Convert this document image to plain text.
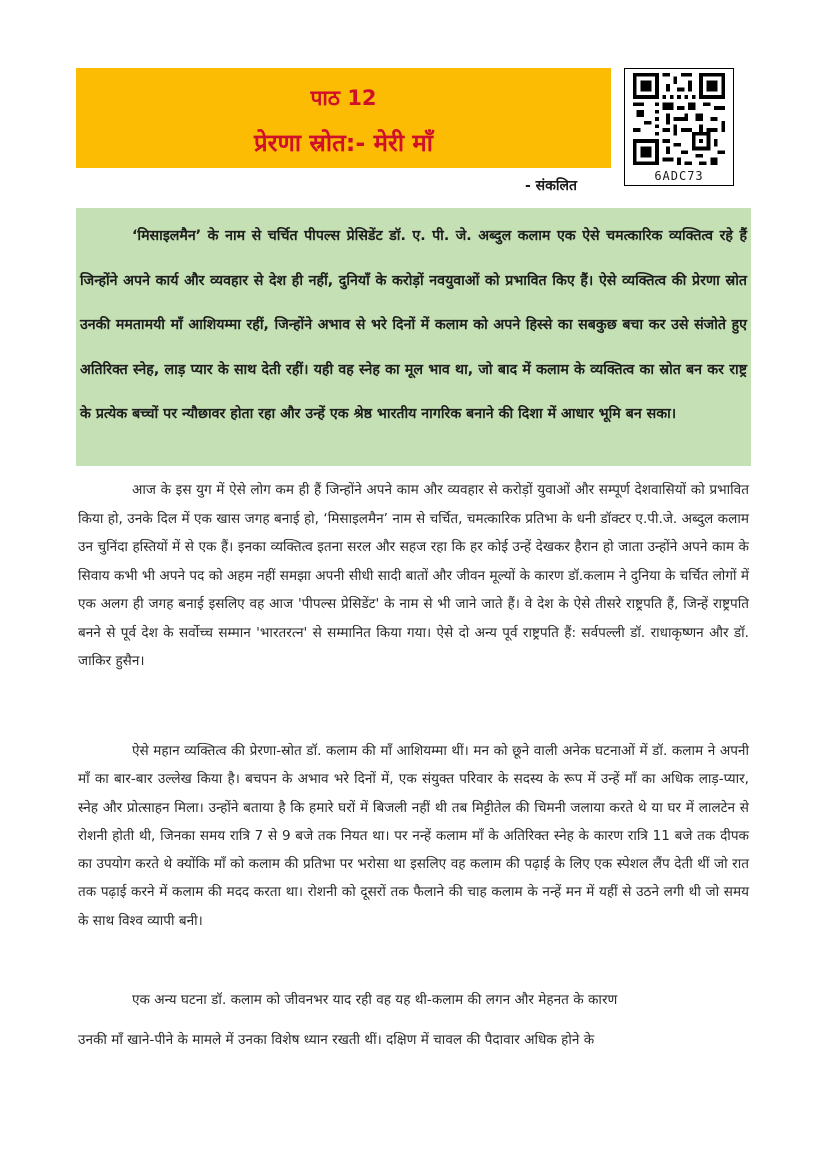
पाठ 12
प्रेरणा स्रोत:- मेरी माँ
6ADC73
- संकलित

‘मिसाइलमैन’ के नाम से चर्चित पीपल्स प्रेसिडेंट डॉ. ए. पी. जे. अब्दुल कलाम एक ऐसे चमत्कारिक व्यक्तित्व रहे हैं जिन्होंने अपने कार्य और व्यवहार से देश ही नहीं, दुनियाँ के करोड़ों नवयुवाओं को प्रभावित किए हैं। ऐसे व्यक्तित्व की प्रेरणा स्रोत उनकी ममतामयी माँ आशियम्मा रहीं, जिन्होंने अभाव से भरे दिनों में कलाम को अपने हिस्से का सबकुछ बचा कर उसे संजोते हुए अतिरिक्त स्नेह, लाड़ प्यार के साथ देती रहीं। यही वह स्नेह का मूल भाव था, जो बाद में कलाम के व्यक्तित्व का स्रोत बन कर राष्ट्र के प्रत्येक बच्चों पर न्यौछावर होता रहा और उन्हें एक श्रेष्ठ भारतीय नागरिक बनाने की दिशा में आधार भूमि बन सका।

आज के इस युग में ऐसे लोग कम ही हैं जिन्होंने अपने काम और व्यवहार से करोड़ों युवाओं और सम्पूर्ण देशवासियों को प्रभावित किया हो, उनके दिल में एक खास जगह बनाई हो, ‘मिसाइलमैन’ नाम से चर्चित, चमत्कारिक प्रतिभा के धनी डॉक्टर ए.पी.जे. अब्दुल कलाम उन चुनिंदा हस्तियों में से एक हैं। इनका व्यक्तित्व इतना सरल और सहज रहा कि हर कोई उन्हें देखकर हैरान हो जाता उन्होंने अपने काम के सिवाय कभी भी अपने पद को अहम नहीं समझा अपनी सीधी सादी बातों और जीवन मूल्यों के कारण डॉ.कलाम ने दुनिया के चर्चित लोगों में एक अलग ही जगह बनाई इसलिए वह आज 'पीपल्स प्रेसिडेंट' के नाम से भी जाने जाते हैं। वे देश के ऐसे तीसरे राष्ट्रपति हैं, जिन्हें राष्ट्रपति बनने से पूर्व देश के सर्वोच्च सम्मान 'भारतरत्न' से सम्मानित किया गया। ऐसे दो अन्य पूर्व राष्ट्रपति हैं: सर्वपल्ली डॉ. राधाकृष्णन और डॉ. जाकिर हुसैन।

ऐसे महान व्यक्तित्व की प्रेरणा-स्रोत डॉ. कलाम की माँ आशियम्मा थीं। मन को छूने वाली अनेक घटनाओं में डॉ. कलाम ने अपनी माँ का बार-बार उल्लेख किया है। बचपन के अभाव भरे दिनों में, एक संयुक्त परिवार के सदस्य के रूप में उन्हें माँ का अधिक लाड़-प्यार, स्नेह और प्रोत्साहन मिला। उन्होंने बताया है कि हमारे घरों में बिजली नहीं थी तब मिट्टीतेल की चिमनी जलाया करते थे या घर में लालटेन से रोशनी होती थी, जिनका समय रात्रि 7 से 9 बजे तक नियत था। पर नन्हें कलाम माँ के अतिरिक्त स्नेह के कारण रात्रि 11 बजे तक दीपक का उपयोग करते थे क्योंकि माँ को कलाम की प्रतिभा पर भरोसा था इसलिए वह कलाम की पढ़ाई के लिए एक स्पेशल लैंप देती थीं जो रात तक पढ़ाई करने में कलाम की मदद करता था। रोशनी को दूसरों तक फैलाने की चाह कलाम के नन्हें मन में यहीं से उठने लगी थी जो समय के साथ विश्व व्यापी बनी।

एक अन्य घटना डॉ. कलाम को जीवनभर याद रही वह यह थी-कलाम की लगन और मेहनत के कारण
उनकी माँ खाने-पीने के मामले में उनका विशेष ध्यान रखती थीं। दक्षिण में चावल की पैदावार अधिक होने के
